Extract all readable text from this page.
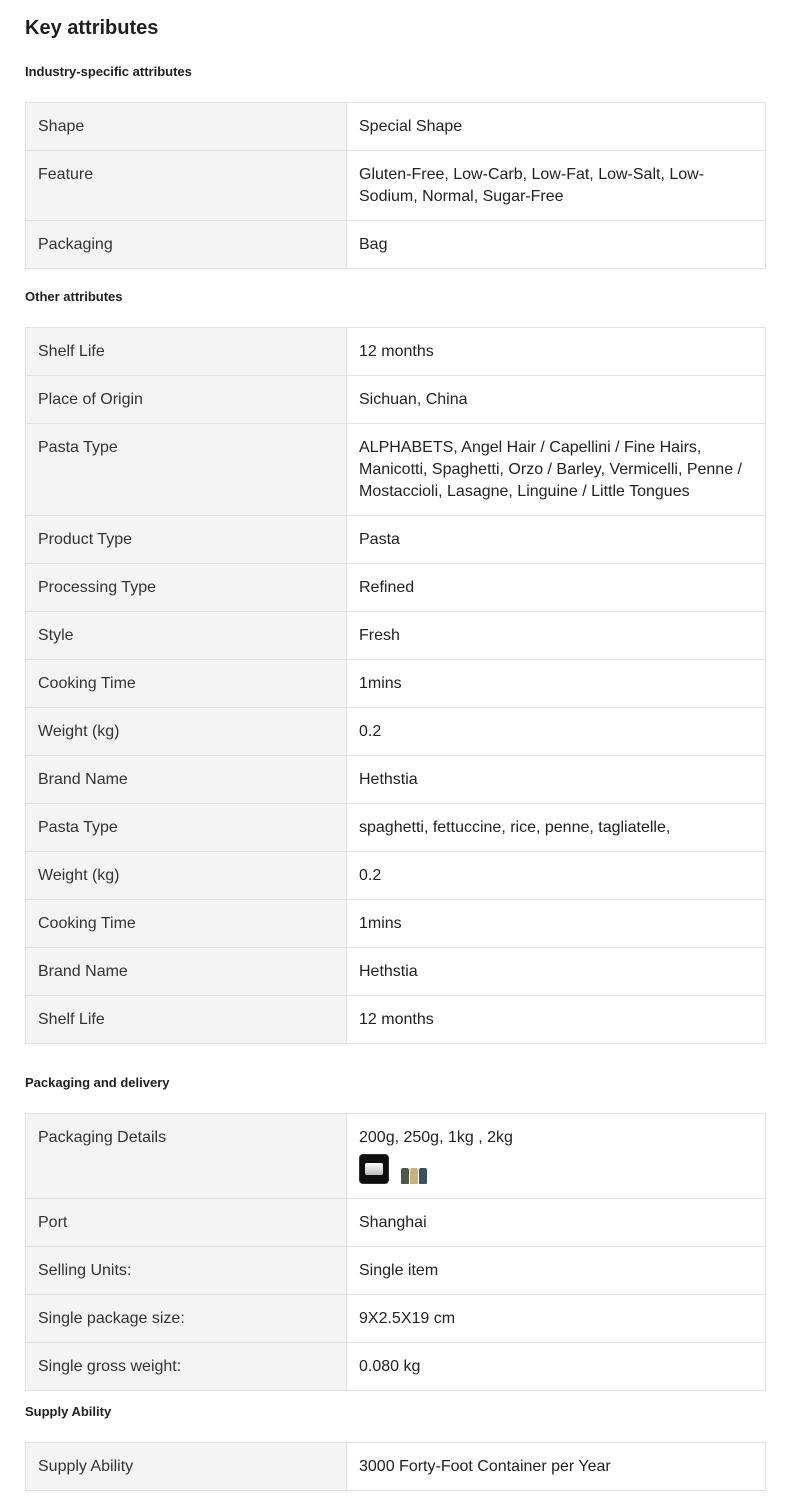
Key attributes
Industry-specific attributes
Shape	Special Shape
Feature	Gluten-Free, Low-Carb, Low-Fat, Low-Salt, Low-Sodium, Normal, Sugar-Free
Packaging	Bag
Other attributes
Shelf Life	12 months
Place of Origin	Sichuan, China
Pasta Type	ALPHABETS, Angel Hair / Capellini / Fine Hairs, Manicotti, Spaghetti, Orzo / Barley, Vermicelli, Penne / Mostaccioli, Lasagne, Linguine / Little Tongues
Product Type	Pasta
Processing Type	Refined
Style	Fresh
Cooking Time	1mins
Weight (kg)	0.2
Brand Name	Hethstia
Pasta Type	spaghetti, fettuccine, rice, penne, tagliatelle,
Weight (kg)	0.2
Cooking Time	1mins
Brand Name	Hethstia
Shelf Life	12 months
Packaging and delivery
Packaging Details	200g, 250g, 1kg , 2kg

Port	Shanghai
Selling Units:	Single item
Single package size:	9X2.5X19 cm
Single gross weight:	0.080 kg
Supply Ability
Supply Ability	3000 Forty-Foot Container per Year
